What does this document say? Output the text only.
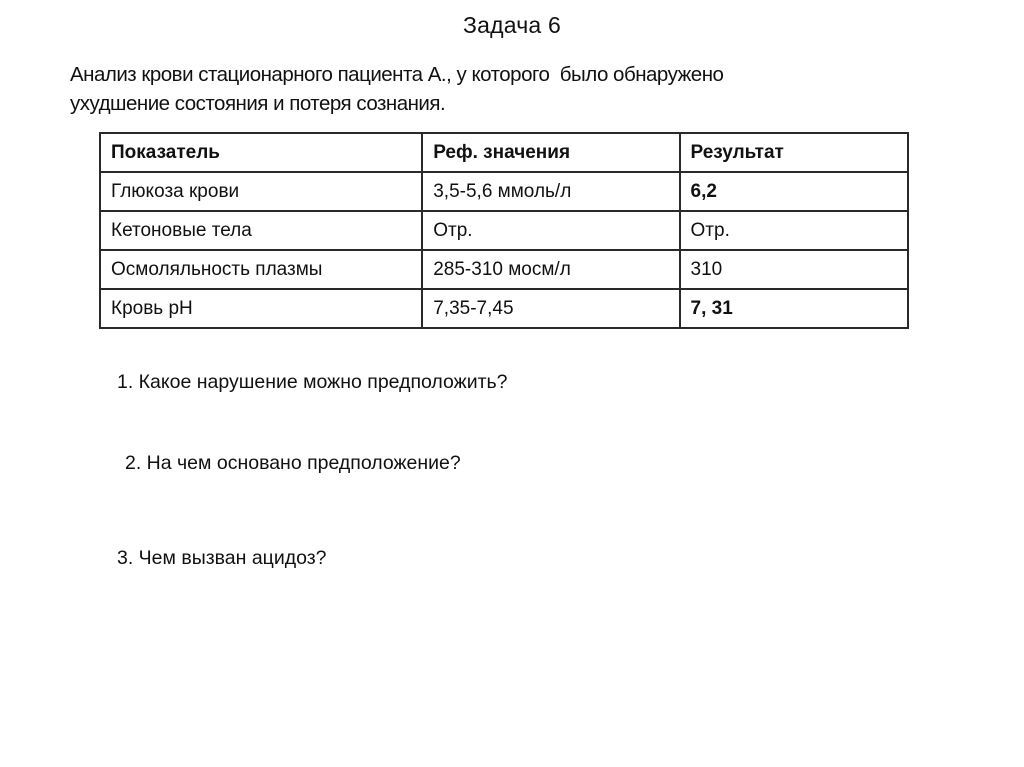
Задача 6
Анализ крови стационарного пациента А., у которого  было обнаружено
ухудшение состояния и потеря сознания.
Показатель	Реф. значения	Результат
Глюкоза крови	3,5-5,6 ммоль/л	6,2
Кетоновые тела	Отр.	Отр.
Осмоляльность плазмы	285-310 мосм/л	310
Кровь pH	7,35-7,45	7, 31
1. Какое нарушение можно предположить?
2. На чем основано предположение?
3. Чем вызван ацидоз?
